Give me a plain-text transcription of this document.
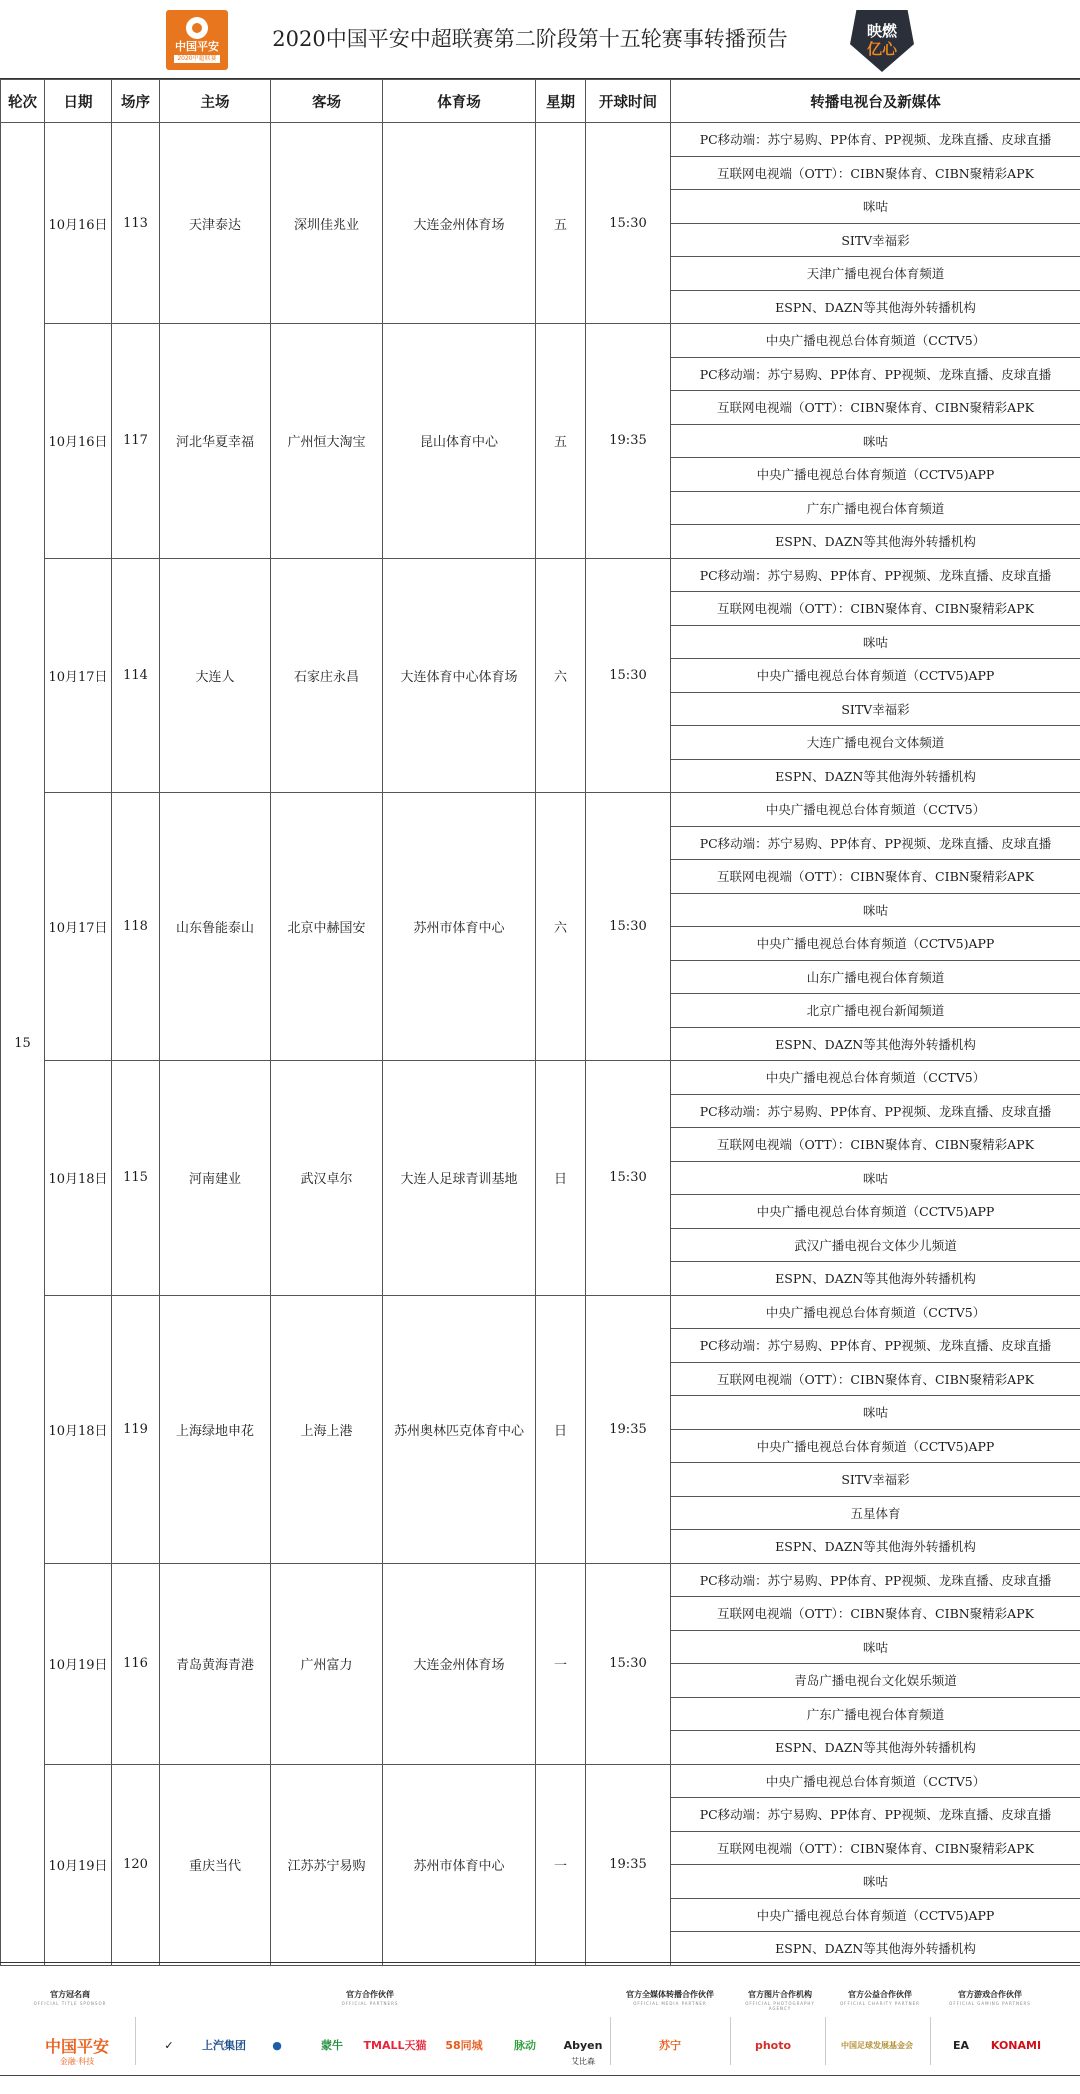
中国平安
2020中超联赛
2020中国平安中超联赛第二阶段第十五轮赛事转播预告	映燃
亿心
轮次	日期	场序	主场	客场	体育场	星期	开球时间	转播电视台及新媒体
15	10月16日	113	天津泰达	深圳佳兆业	大连金州体育场	五	15:30	PC移动端：苏宁易购、PP体育、PP视频、龙珠直播、皮球直播
								互联网电视端（OTT）：CIBN聚体育、CIBN聚精彩APK
								咪咕
								SITV幸福彩
								天津广播电视台体育频道
								ESPN、DAZN等其他海外转播机构
	10月16日	117	河北华夏幸福	广州恒大淘宝	昆山体育中心	五	19:35	中央广播电视总台体育频道（CCTV5）
								PC移动端：苏宁易购、PP体育、PP视频、龙珠直播、皮球直播
								互联网电视端（OTT）：CIBN聚体育、CIBN聚精彩APK
								咪咕
								中央广播电视总台体育频道（CCTV5)APP
								广东广播电视台体育频道
								ESPN、DAZN等其他海外转播机构
	10月17日	114	大连人	石家庄永昌	大连体育中心体育场	六	15:30	PC移动端：苏宁易购、PP体育、PP视频、龙珠直播、皮球直播
								互联网电视端（OTT）：CIBN聚体育、CIBN聚精彩APK
								咪咕
								中央广播电视总台体育频道（CCTV5)APP
								SITV幸福彩
								大连广播电视台文体频道
								ESPN、DAZN等其他海外转播机构
	10月17日	118	山东鲁能泰山	北京中赫国安	苏州市体育中心	六	15:30	中央广播电视总台体育频道（CCTV5）
								PC移动端：苏宁易购、PP体育、PP视频、龙珠直播、皮球直播
								互联网电视端（OTT）：CIBN聚体育、CIBN聚精彩APK
								咪咕
								中央广播电视总台体育频道（CCTV5)APP
								山东广播电视台体育频道
								北京广播电视台新闻频道
								ESPN、DAZN等其他海外转播机构
	10月18日	115	河南建业	武汉卓尔	大连人足球青训基地	日	15:30	中央广播电视总台体育频道（CCTV5）
								PC移动端：苏宁易购、PP体育、PP视频、龙珠直播、皮球直播
								互联网电视端（OTT）：CIBN聚体育、CIBN聚精彩APK
								咪咕
								中央广播电视总台体育频道（CCTV5)APP
								武汉广播电视台文体少儿频道
								ESPN、DAZN等其他海外转播机构
	10月18日	119	上海绿地申花	上海上港	苏州奥林匹克体育中心	日	19:35	中央广播电视总台体育频道（CCTV5）
								PC移动端：苏宁易购、PP体育、PP视频、龙珠直播、皮球直播
								互联网电视端（OTT）：CIBN聚体育、CIBN聚精彩APK
								咪咕
								中央广播电视总台体育频道（CCTV5)APP
								SITV幸福彩
								五星体育
								ESPN、DAZN等其他海外转播机构
	10月19日	116	青岛黄海青港	广州富力	大连金州体育场	一	15:30	PC移动端：苏宁易购、PP体育、PP视频、龙珠直播、皮球直播
								互联网电视端（OTT）：CIBN聚体育、CIBN聚精彩APK
								咪咕
								青岛广播电视台文化娱乐频道
								广东广播电视台体育频道
								ESPN、DAZN等其他海外转播机构
	10月19日	120	重庆当代	江苏苏宁易购	苏州市体育中心	一	19:35	中央广播电视总台体育频道（CCTV5）
								PC移动端：苏宁易购、PP体育、PP视频、龙珠直播、皮球直播
								互联网电视端（OTT）：CIBN聚体育、CIBN聚精彩APK
								咪咕
								中央广播电视总台体育频道（CCTV5)APP
								ESPN、DAZN等其他海外转播机构
官方冠名商
OFFICIAL TITLE SPONSOR
官方合作伙伴
OFFICIAL PARTNERS
官方全媒体转播合作伙伴
OFFICIAL MEDIA PARTNER
官方图片合作机构
OFFICIAL PHOTOGRAPHY AGENCY
官方公益合作伙伴
OFFICIAL CHARITY PARTNER
官方游戏合作伙伴
OFFICIAL GAMING PARTNERS
中国平安
金融·科技
✓	上汽集团	●	蒙牛	TMALL天猫	58同城	脉动	Abyen
艾比森
苏宁	photo	中国足球发展基金会	EA	KONAMI
